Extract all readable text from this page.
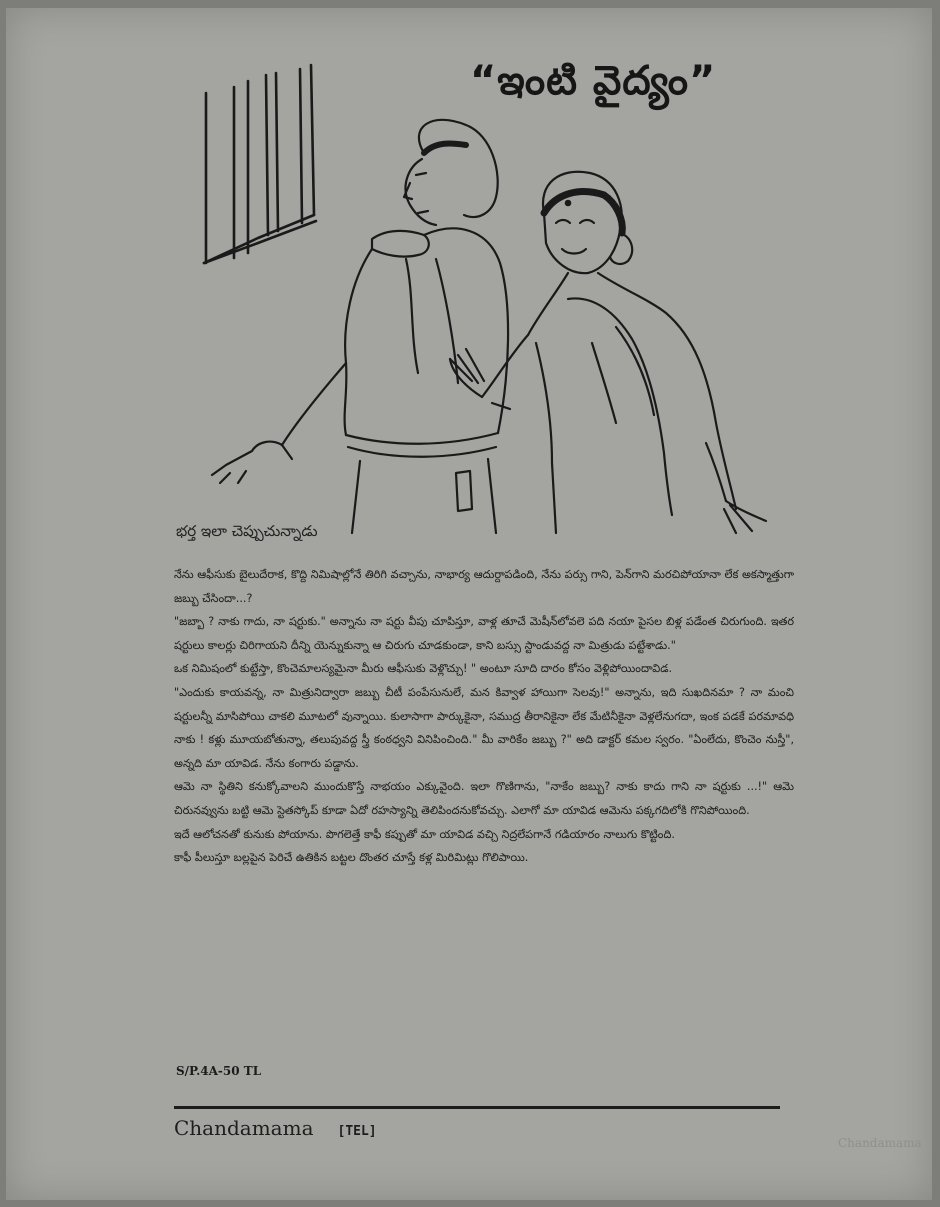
“ఇంటి వైద్యం”
భర్త ఇలా చెప్పుచున్నాడు

నేను ఆఫీసుకు బైలుదేరాక, కొద్ది నిమిషాల్లోనే తిరిగి వచ్చాను, నాభార్య ఆదుర్దాపడింది, నేను పర్సు గాని, పెన్‌గాని మరచిపోయానా లేక అకస్మాత్తుగా జబ్బు చేసిందా...?

"జబ్బా ? నాకు గాదు, నా షర్టుకు." అన్నాను నా షర్టు వీపు చూపిస్తూ, వాళ్ల తూచే మెషీన్‌లోవలె పది నయా పైసల బిళ్ల పడేంత చిరుగుంది. ఇతర షర్టులు కాలర్లు చిరిగాయని దీన్ని యెన్నుకున్నా ఆ చిరుగు చూడకుండా, కాని బస్సు స్టాండువద్ద నా మిత్రుడు పట్టేశాడు."

ఒక నిమిషంలో కుట్టేస్తా, కొంచెమాలస్యమైనా మీరు ఆఫీసుకు వెళ్లొచ్చు! " అంటూ సూది దారం కోసం వెళ్లిపోయిందావిడ.

"ఎందుకు కాయవన్న, నా మిత్రునిద్వారా జబ్బు చీటీ పంపేసునులే, మన కివ్వాళ హాయిగా సెలవు!" అన్నాను, ఇది సుఖదినమా ? నా మంచి షర్టులన్నీ మాసిపోయి చాకలి మూటలో వున్నాయి. కులాసాగా పార్కుకైనా, సముద్ర తీరానికైనా లేక మేటినీకైనా వెళ్లలేనుగదా, ఇంక పడకే పరమావధి నాకు ! కళ్లు మూయబోతున్నా, తలుపువద్ద స్త్రీ కంఠధ్వని వినిపించింది." మీ వారికేం జబ్బు ?" అది డాక్టర్ కమల స్వరం. "ఏంలేదు, కొంచెం నుస్తీ", అన్నది మా యావిడ. నేను కంగారు పడ్డాను.

ఆమె నా స్థితిని కనుక్కోవాలని ముందుకొస్తే నాభయం ఎక్కువైంది. ఇలా గొణిగాను, "నాకేం జబ్బు? నాకు కాదు గాని నా షర్టుకు ...!" ఆమె చిరునవ్వును బట్టి ఆమె స్టెతస్కోప్ కూడా ఏదో రహస్యాన్ని తెలిపిందనుకోవచ్చు. ఎలాగో మా యావిడ ఆమెను పక్కగదిలోకి గొనిపోయింది.

ఇదే ఆలోచనతో కునుకు పోయాను. పొగలెత్తే కాఫీ కప్పుతో మా యావిడ వచ్చి నిద్రలేపగానే గడియారం నాలుగు కొట్టింది.

కాఫీ పీలుస్తూ బల్లపైన పెరిచే ఉతికిన బట్టల దొంతర చూస్తే కళ్ల మిరిమిట్లు గొలిపాయి.

S/P.4A-50 TL
Chandamama [TEL]
Chandamama
